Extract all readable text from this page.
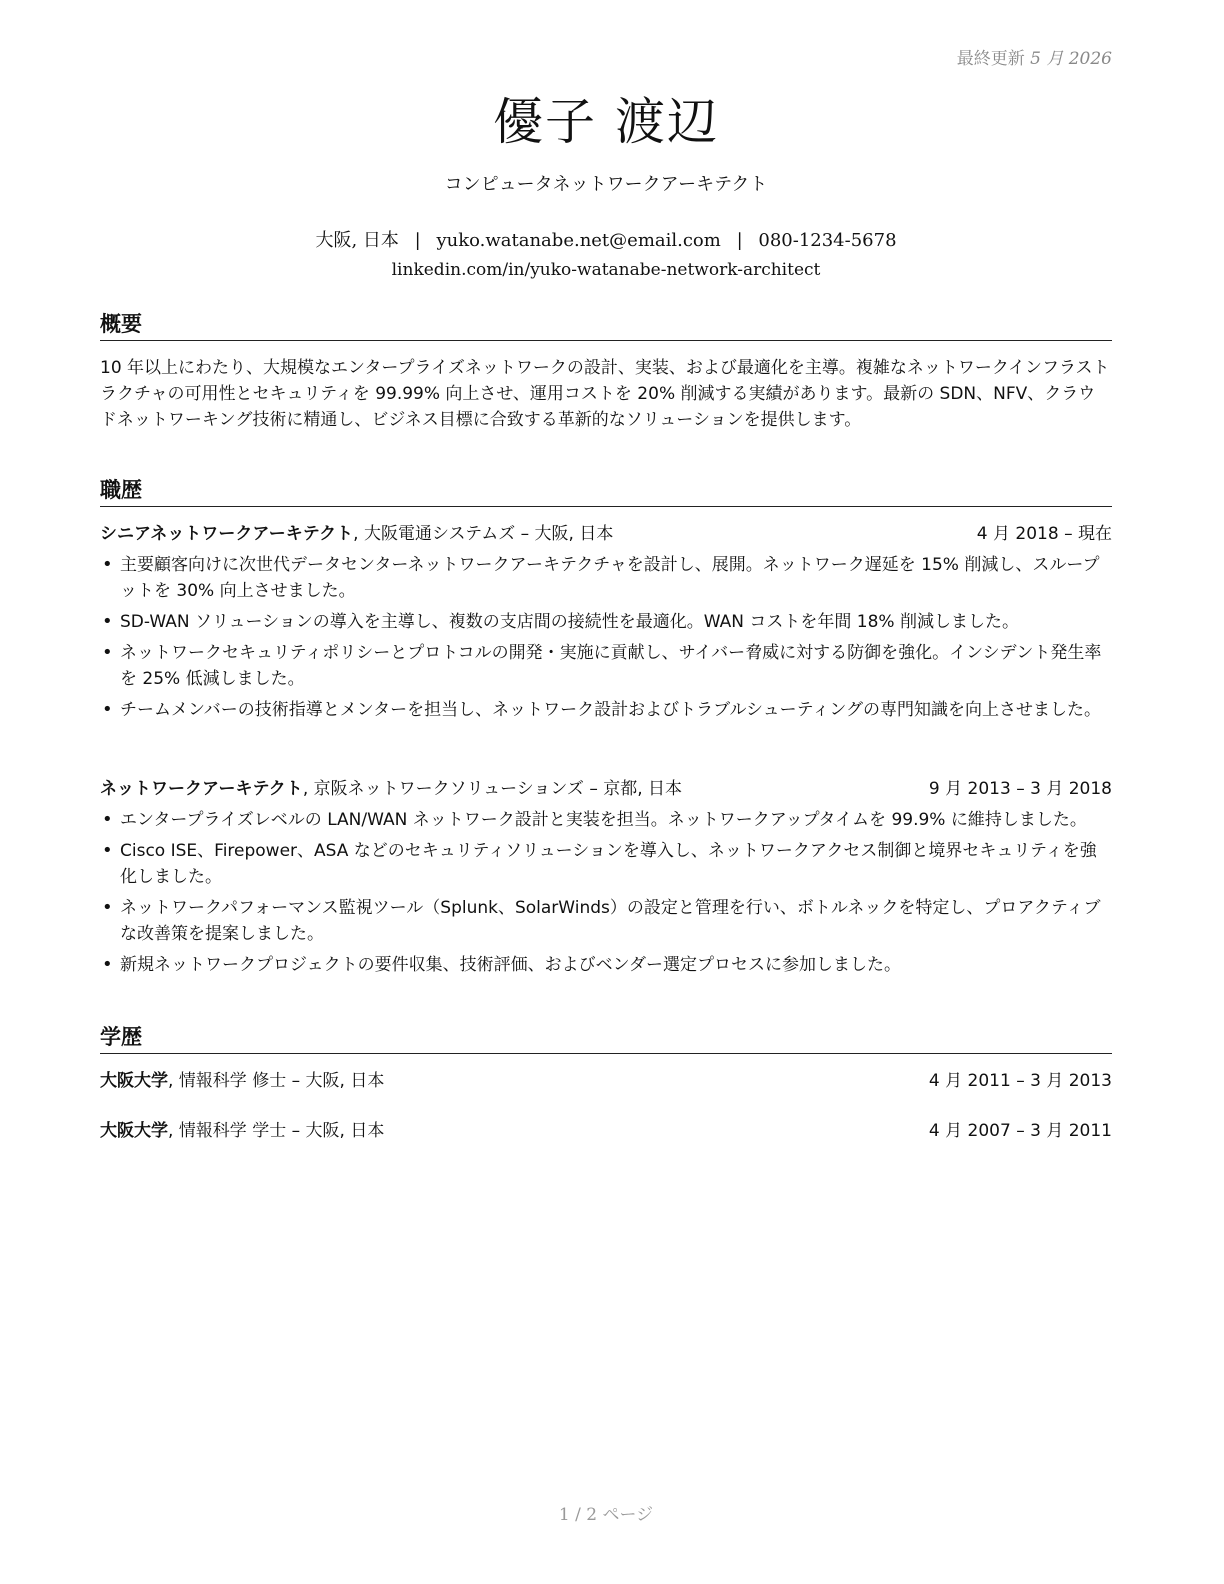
最終更新 5 月 2026
優子 渡辺
コンピュータネットワークアーキテクト
大阪, 日本 | yuko.watanabe.net@email.com | 080-1234-5678
linkedin.com/in/yuko-watanabe-network-architect
概要
10 年以上にわたり、大規模なエンタープライズネットワークの設計、実装、および最適化を主導。複雑なネットワークインフラストラクチャの可用性とセキュリティを 99.99% 向上させ、運用コストを 20% 削減する実績があります。最新の SDN、NFV、クラウドネットワーキング技術に精通し、ビジネス目標に合致する革新的なソリューションを提供します。
職歴
シニアネットワークアーキテクト, 大阪電通システムズ – 大阪, 日本	4 月 2018 – 現在
• 主要顧客向けに次世代データセンターネットワークアーキテクチャを設計し、展開。ネットワーク遅延を 15% 削減し、スループットを 30% 向上させました。
• SD-WAN ソリューションの導入を主導し、複数の支店間の接続性を最適化。WAN コストを年間 18% 削減しました。
• ネットワークセキュリティポリシーとプロトコルの開発・実施に貢献し、サイバー脅威に対する防御を強化。インシデント発生率を 25% 低減しました。
• チームメンバーの技術指導とメンターを担当し、ネットワーク設計およびトラブルシューティングの専門知識を向上させました。
ネットワークアーキテクト, 京阪ネットワークソリューションズ – 京都, 日本	9 月 2013 – 3 月 2018
• エンタープライズレベルの LAN/WAN ネットワーク設計と実装を担当。ネットワークアップタイムを 99.9% に維持しました。
• Cisco ISE、Firepower、ASA などのセキュリティソリューションを導入し、ネットワークアクセス制御と境界セキュリティを強化しました。
• ネットワークパフォーマンス監視ツール（Splunk、SolarWinds）の設定と管理を行い、ボトルネックを特定し、プロアクティブな改善策を提案しました。
• 新規ネットワークプロジェクトの要件収集、技術評価、およびベンダー選定プロセスに参加しました。
学歴
大阪大学, 情報科学 修士 – 大阪, 日本	4 月 2011 – 3 月 2013
大阪大学, 情報科学 学士 – 大阪, 日本	4 月 2007 – 3 月 2011
1 / 2 ページ
